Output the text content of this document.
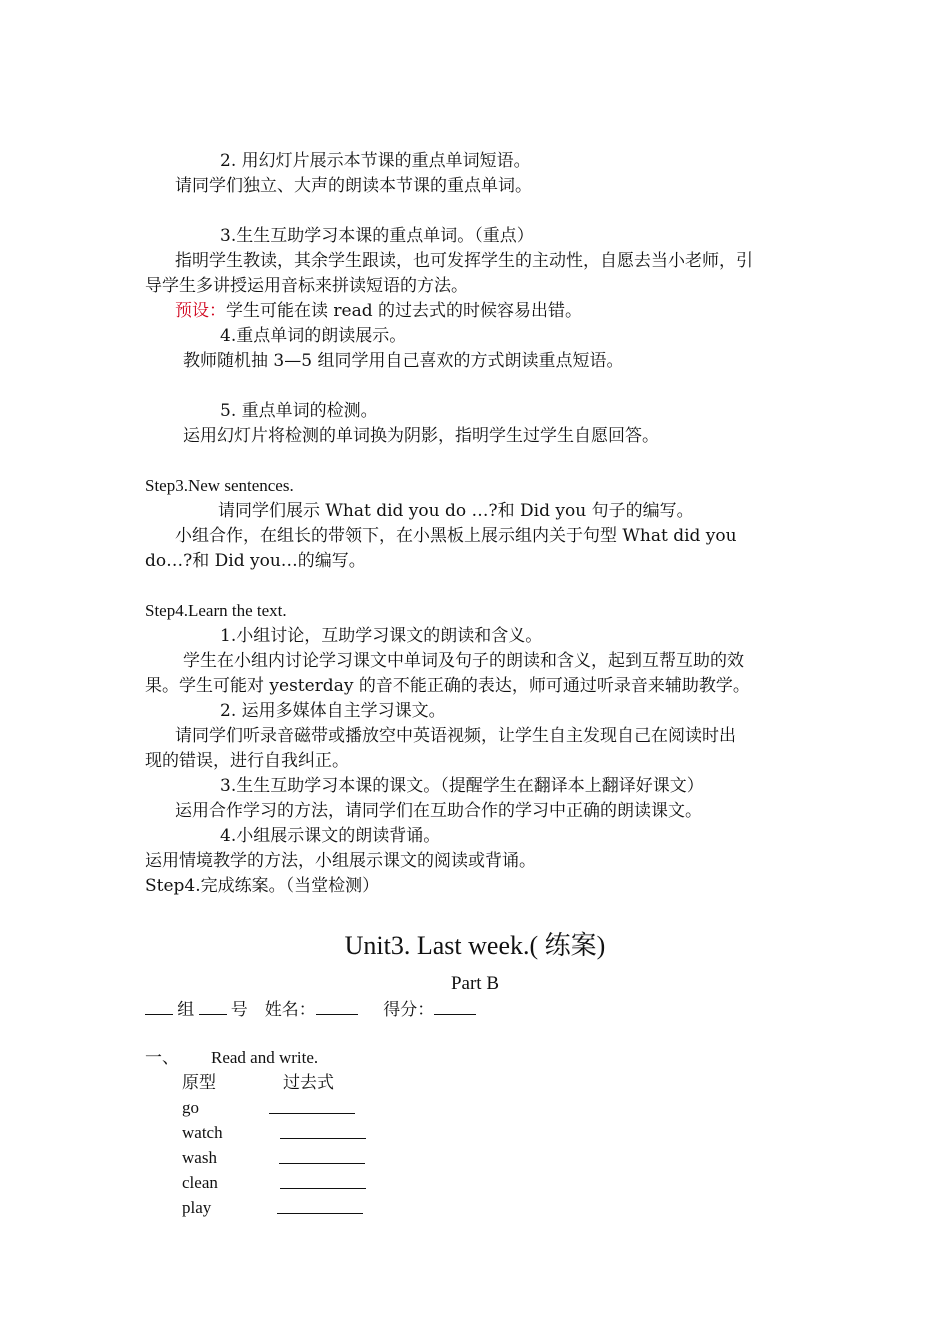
2. 用幻灯片展示本节课的重点单词短语。
请同学们独立、大声的朗读本节课的重点单词。
3.生生互助学习本课的重点单词。（重点）
指明学生教读，其余学生跟读，也可发挥学生的主动性，自愿去当小老师，引
导学生多讲授运用音标来拼读短语的方法。
预设：学生可能在读 read 的过去式的时候容易出错。
4.重点单词的朗读展示。
教师随机抽 3—5 组同学用自己喜欢的方式朗读重点短语。
5. 重点单词的检测。
运用幻灯片将检测的单词换为阴影，指明学生过学生自愿回答。
Step3.New sentences.
请同学们展示 What did you do …?和 Did you 句子的编写。
小组合作，在组长的带领下，在小黑板上展示组内关于句型 What did you
do…?和 Did you…的编写。
Step4.Learn the text.
1.小组讨论，互助学习课文的朗读和含义。
学生在小组内讨论学习课文中单词及句子的朗读和含义，起到互帮互助的效
果。学生可能对 yesterday 的音不能正确的表达，师可通过听录音来辅助教学。
2. 运用多媒体自主学习课文。
请同学们听录音磁带或播放空中英语视频，让学生自主发现自己在阅读时出
现的错误，进行自我纠正。
3.生生互助学习本课的课文。（提醒学生在翻译本上翻译好课文）
运用合作学习的方法，请同学们在互助合作的学习中正确的朗读课文。
4.小组展示课文的朗读背诵。
运用情境教学的方法，小组展示课文的阅读或背诵。
Step4.完成练案。（当堂检测）
Unit3. Last week.( 练案)
Part B
组 号 姓名：	得分：
一、 Read and write.
原型	过去式
go
watch
wash
clean
play
